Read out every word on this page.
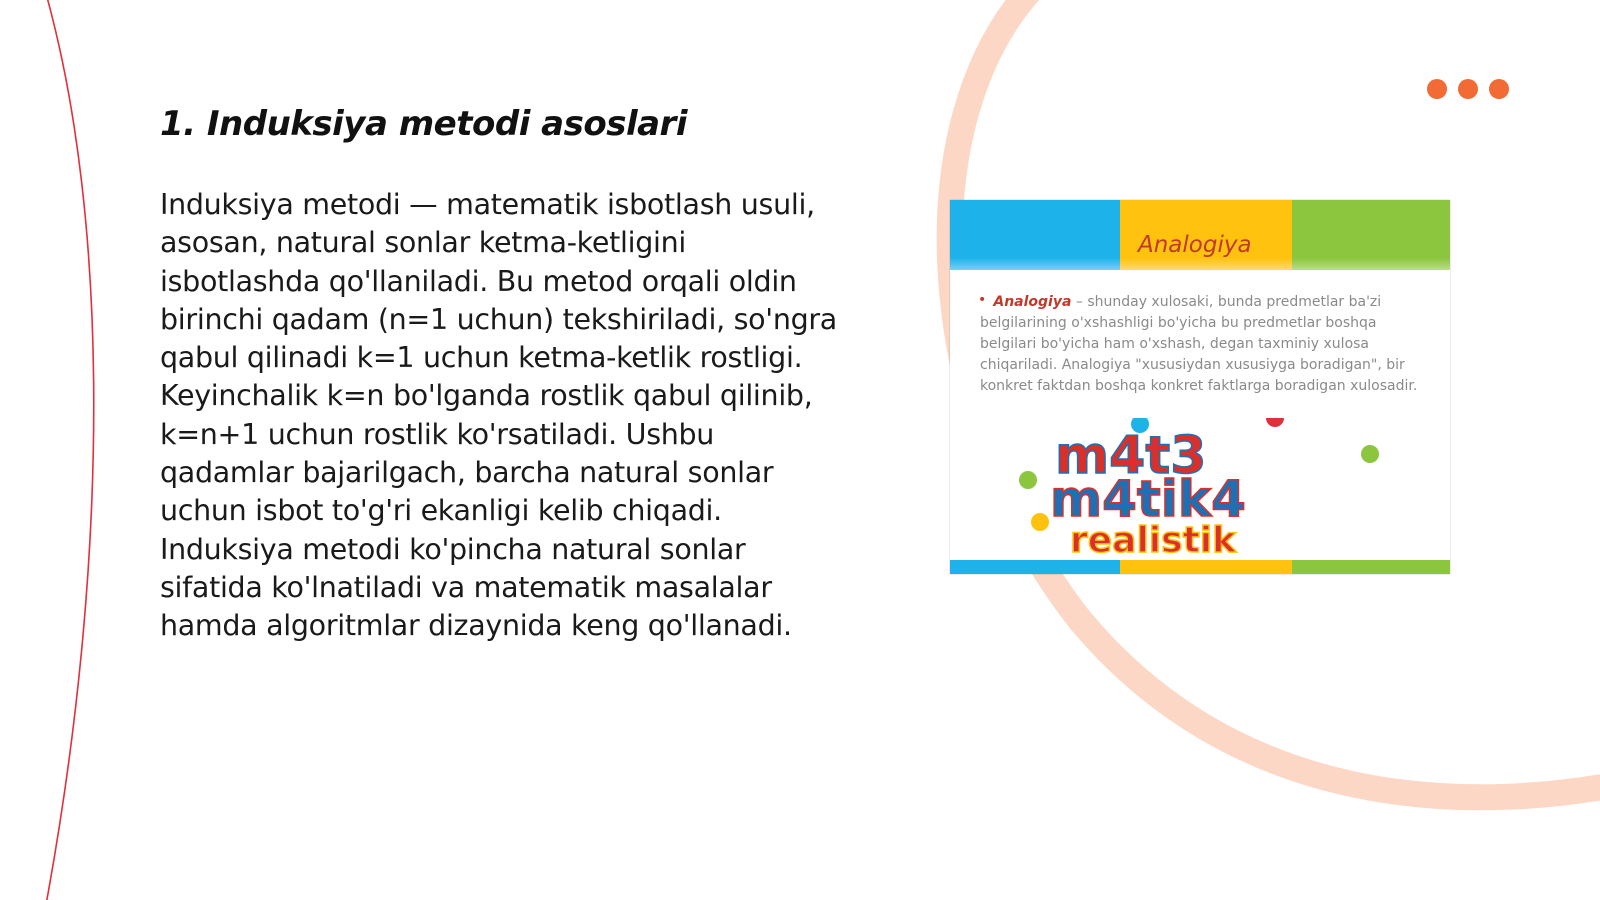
1. Induksiya metodi asoslari

Induksiya metodi — matematik isbotlash usuli, asosan, natural sonlar ketma-ketligini isbotlashda qo'llaniladi. Bu metod orqali oldin birinchi qadam (n=1 uchun) tekshiriladi, so'ngra qabul qilinadi k=1 uchun ketma-ketlik rostligi. Keyinchalik k=n bo'lganda rostlik qabul qilinib, k=n+1 uchun rostlik ko'rsatiladi. Ushbu qadamlar bajarilgach, barcha natural sonlar uchun isbot to'g'ri ekanligi kelib chiqadi. Induksiya metodi ko'pincha natural sonlar sifatida ko'lnatiladi va matematik masalalar hamda algoritmlar dizaynida keng qo'llanadi.

Analogiya
• Analogiya – shunday xulosaki, bunda predmetlar ba'zi belgilarining o'xshashligi bo'yicha bu predmetlar boshqa belgilari bo'yicha ham o'xshash, degan taxminiy xulosa chiqariladi. Analogiya "xususiydan xususiyga boradigan", bir konkret faktdan boshqa konkret faktlarga boradigan xulosadir.
m4t3
m4tik4
realistik
